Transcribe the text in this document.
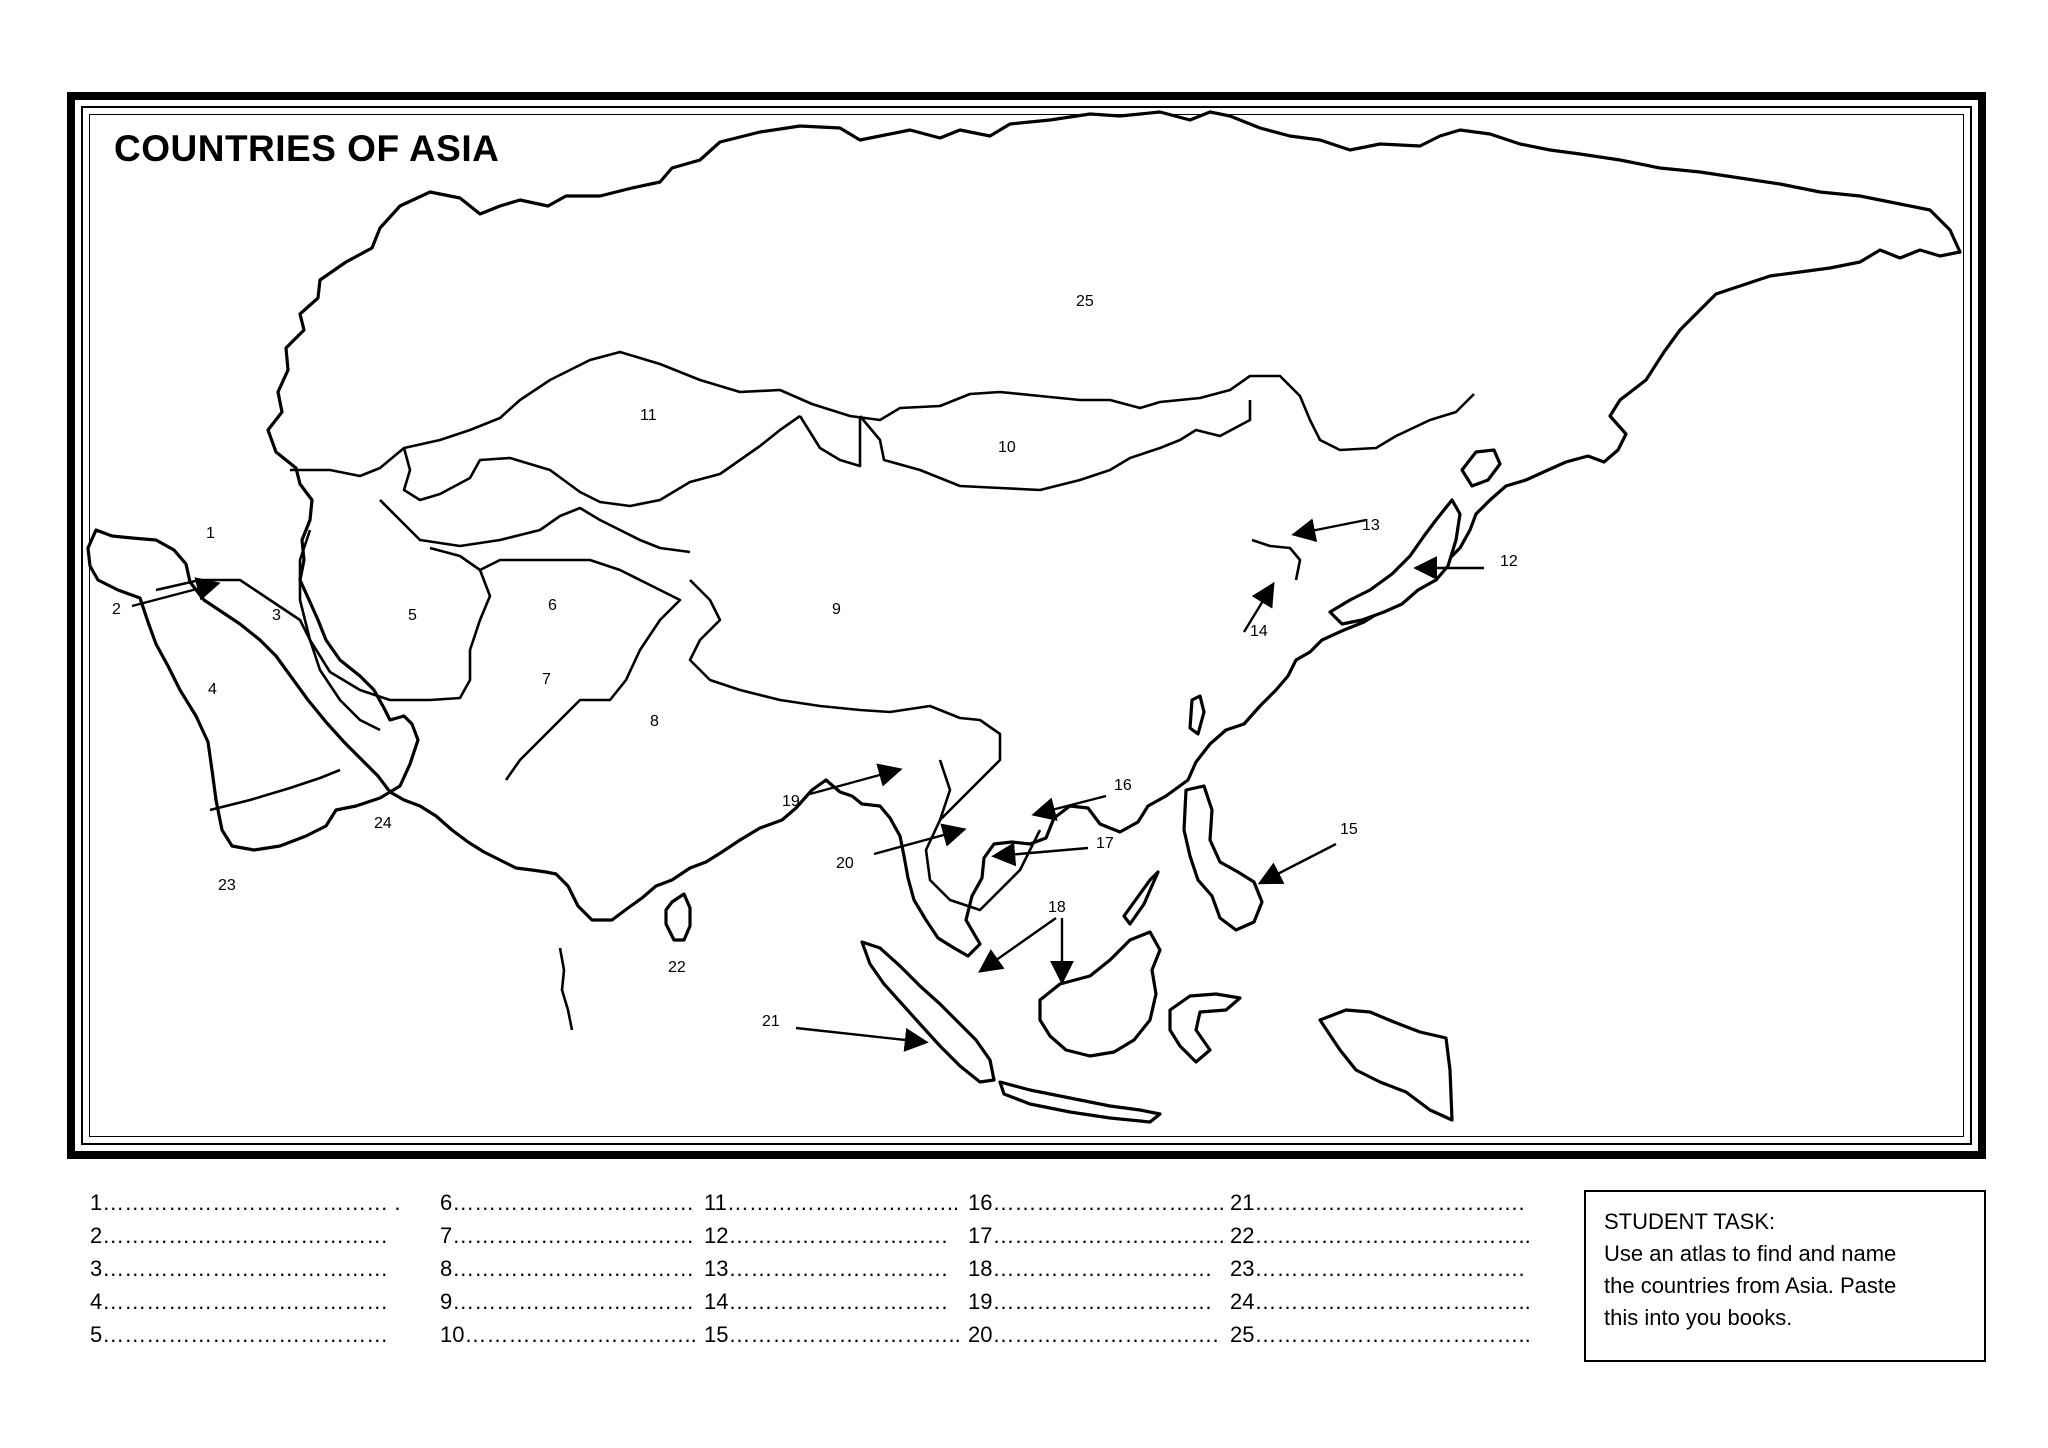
1
2	3
4
5
6
7
8
9
10
11
12
13
14
15
16
17
18
19
20
21
22
23
24
25
COUNTRIES OF ASIA
1………………………………… .
2…………………………………
3…………………………………
4…………………………………
5…………………………………
6……………………………
7……………………………
8……………………………
9……………………………
10…………………………..
11…………………………..
12…………………………
13…………………………
14…………………………
15…………………………..
16…………………………..
17…………………………..
18…………………………
19…………………………
20………………………….
21……………………………….
22………………………………..
23……………………………….
24………………………………..
25………………………………..
STUDENT TASK:
Use an atlas to find and name
the countries from Asia. Paste
this into you books.
